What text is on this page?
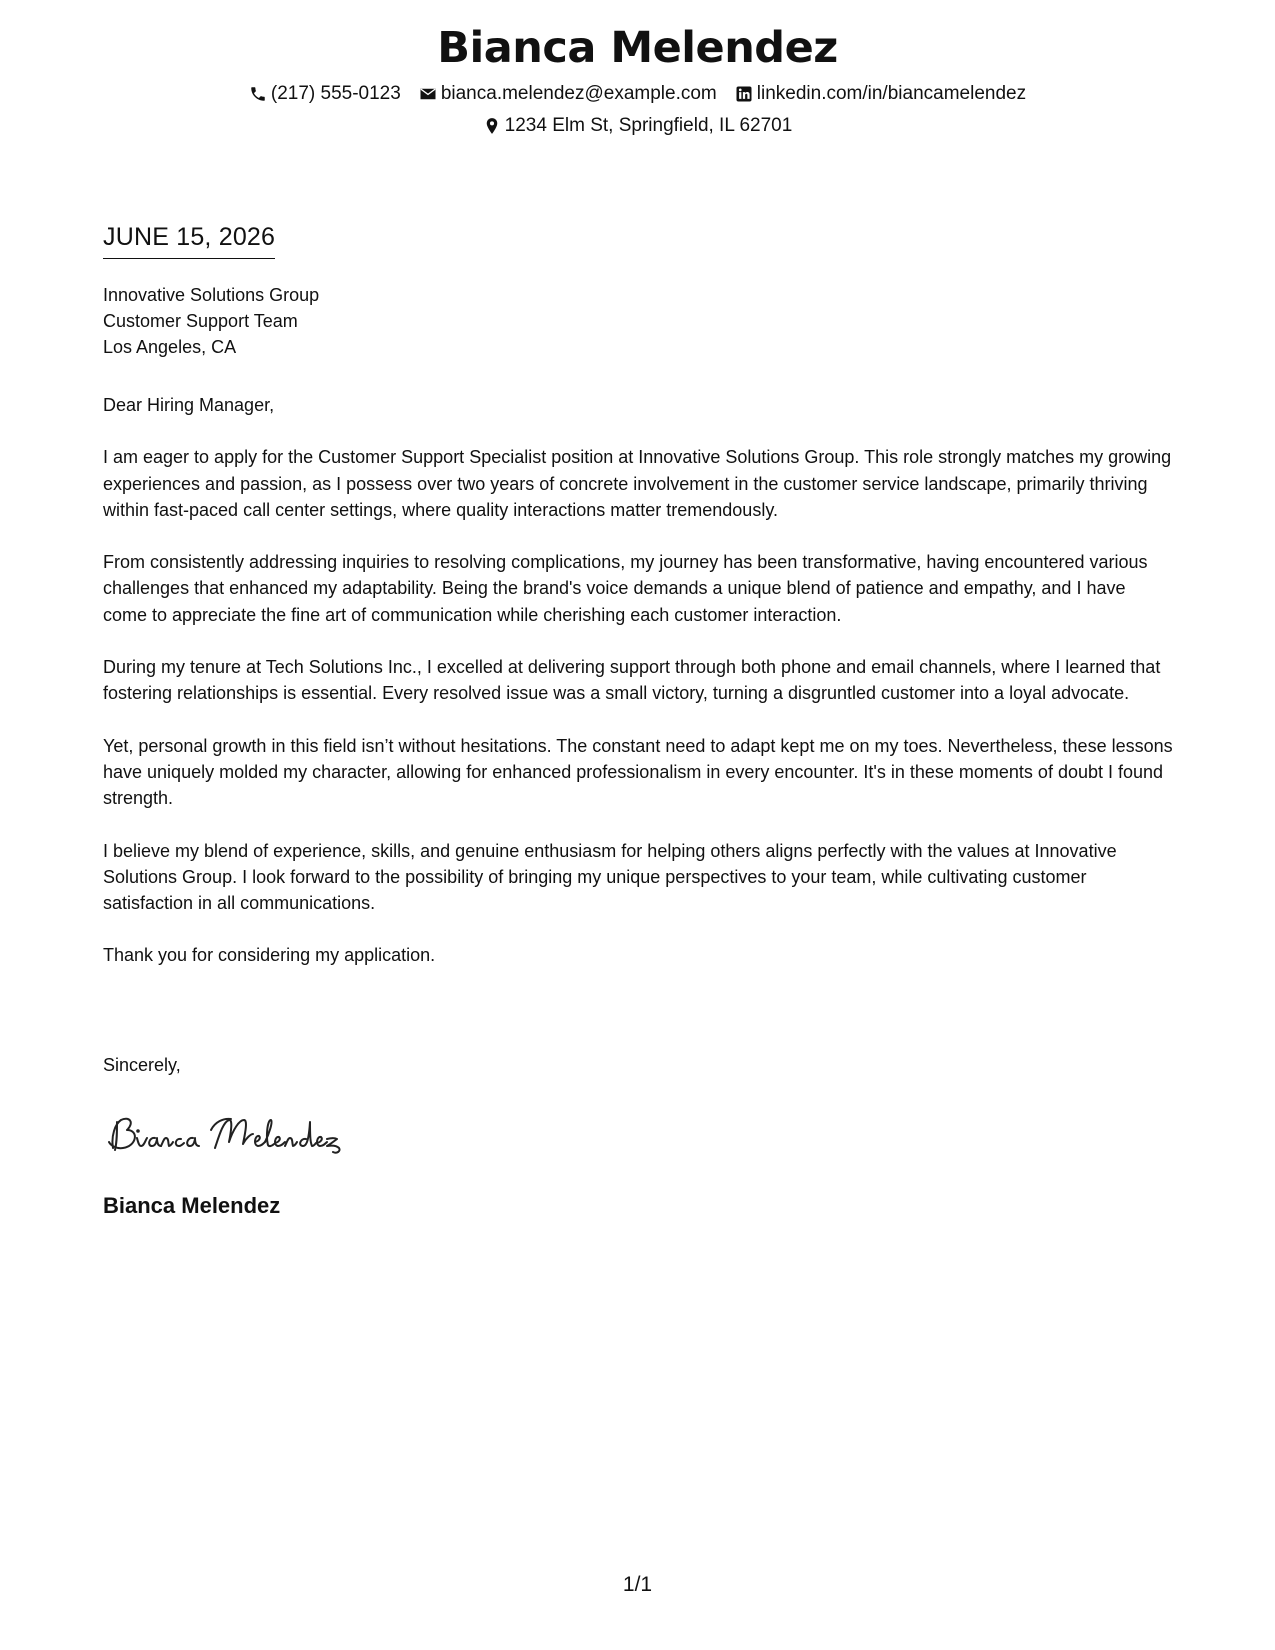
Bianca Melendez
(217) 555-0123 bianca.melendez@example.com linkedin.com/in/biancamelendez
1234 Elm St, Springfield, IL 62701
JUNE 15, 2026
Innovative Solutions Group
Customer Support Team
Los Angeles, CA

Dear Hiring Manager,

I am eager to apply for the Customer Support Specialist position at Innovative Solutions Group. This role strongly matches my growing experiences and passion, as I possess over two years of concrete involvement in the customer service landscape, primarily thriving within fast-paced call center settings, where quality interactions matter tremendously.

From consistently addressing inquiries to resolving complications, my journey has been transformative, having encountered various challenges that enhanced my adaptability. Being the brand's voice demands a unique blend of patience and empathy, and I have come to appreciate the fine art of communication while cherishing each customer interaction.

During my tenure at Tech Solutions Inc., I excelled at delivering support through both phone and email channels, where I learned that fostering relationships is essential. Every resolved issue was a small victory, turning a disgruntled customer into a loyal advocate.

Yet, personal growth in this field isn’t without hesitations. The constant need to adapt kept me on my toes. Nevertheless, these lessons have uniquely molded my character, allowing for enhanced professionalism in every encounter. It's in these moments of doubt I found strength.

I believe my blend of experience, skills, and genuine enthusiasm for helping others aligns perfectly with the values at Innovative Solutions Group. I look forward to the possibility of bringing my unique perspectives to your team, while cultivating customer satisfaction in all communications.

Thank you for considering my application.

Sincerely,
Bianca Melendez
1/1
